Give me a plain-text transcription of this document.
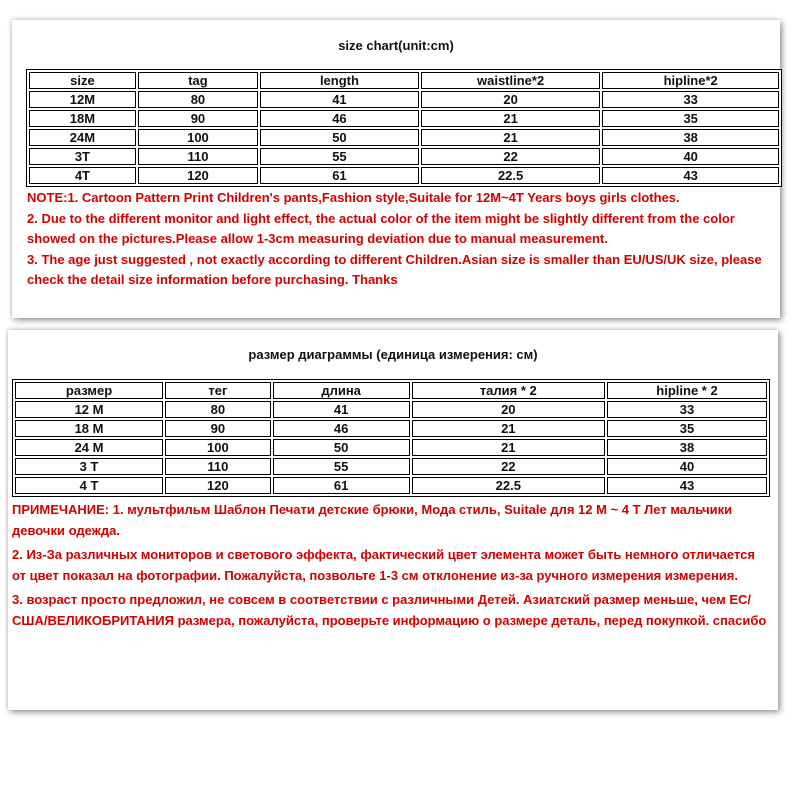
size chart(unit:cm)
size	tag	length	waistline*2	hipline*2
12M	80	41	20	33
18M	90	46	21	35
24M	100	50	21	38
3T	110	55	22	40
4T	120	61	22.5	43

NOTE:1. Cartoon Pattern Print Children's pants,Fashion style,Suitale for 12M~4T Years boys girls clothes.

2. Due to the different monitor and light effect, the actual color of the item might be slightly different from the color showed on the pictures.Please allow 1-3cm measuring deviation due to manual measurement.

3. The age just suggested , not exactly according to different Children.Asian size is smaller than EU/US/UK size, please check the detail size information before purchasing. Thanks

размер диаграммы (единица измерения: см)
размер	тег	длина	талия * 2	hipline * 2
12 M	80	41	20	33
18 M	90	46	21	35
24 M	100	50	21	38
3 T	110	55	22	40
4 T	120	61	22.5	43

ПРИМЕЧАНИЕ: 1. мультфильм Шаблон Печати детские брюки, Мода стиль, Suitale для 12 M ~ 4 T Лет мальчики девочки одежда.

2. Из-За различных мониторов и светового эффекта, фактический цвет элемента может быть немного отличается от цвет показал на фотографии. Пожалуйста, позвольте 1-3 см отклонение из-за ручного измерения измерения.

3. возраст просто предложил, не совсем в соответствии с различными Детей. Азиатский размер меньше, чем ЕС/США/ВЕЛИКОБРИТАНИЯ размера, пожалуйста, проверьте информацию о размере деталь, перед покупкой. спасибо
